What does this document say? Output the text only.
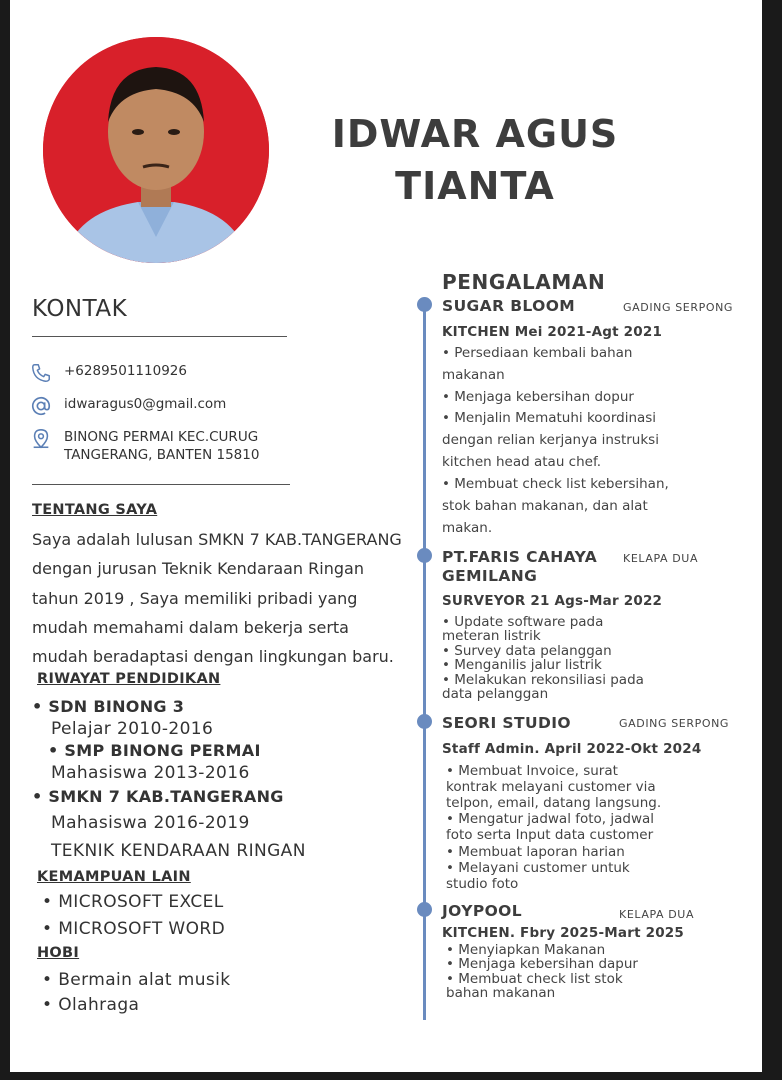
IDWAR AGUS
TIANTA
KONTAK
+6289501110926
idwaragus0@gmail.com
BINONG PERMAI KEC.CURUG
TANGERANG, BANTEN 15810
TENTANG SAYA
Saya adalah lulusan SMKN 7 KAB.TANGERANG
dengan jurusan Teknik Kendaraan Ringan
tahun 2019 , Saya memiliki pribadi yang
mudah memahami dalam bekerja serta
mudah beradaptasi dengan lingkungan baru.
RIWAYAT PENDIDIKAN
• SDN BINONG 3
Pelajar 2010-2016
• SMP BINONG PERMAI
Mahasiswa 2013-2016
• SMKN 7 KAB.TANGERANG
Mahasiswa 2016-2019
TEKNIK KENDARAAN RINGAN
KEMAMPUAN LAIN
• MICROSOFT EXCEL
• MICROSOFT WORD
HOBI
• Bermain alat musik
• Olahraga
PENGALAMAN
SUGAR BLOOM	GADING SERPONG
KITCHEN Mei 2021-Agt 2021
• Persediaan kembali bahan
makanan
• Menjaga kebersihan dopur
• Menjalin Mematuhi koordinasi
dengan relian kerjanya instruksi
kitchen head atau chef.
• Membuat check list kebersihan,
stok bahan makanan, dan alat
makan.
PT.FARIS CAHAYA KELAPA DUA
GEMILANG
SURVEYOR 21 Ags-Mar 2022
• Update software pada
meteran listrik
• Survey data pelanggan
• Menganilis jalur listrik
• Melakukan rekonsiliasi pada
data pelanggan
SEORI STUDIO	GADING SERPONG
Staff Admin. April 2022-Okt 2024
• Membuat Invoice, surat
kontrak melayani customer via
telpon, email, datang langsung.
• Mengatur jadwal foto, jadwal
foto serta Input data customer
• Membuat laporan harian
• Melayani customer untuk
studio foto
JOYPOOL	KELAPA DUA
KITCHEN. Fbry 2025-Mart 2025
• Menyiapkan Makanan
• Menjaga kebersihan dapur
• Membuat check list stok
bahan makanan
